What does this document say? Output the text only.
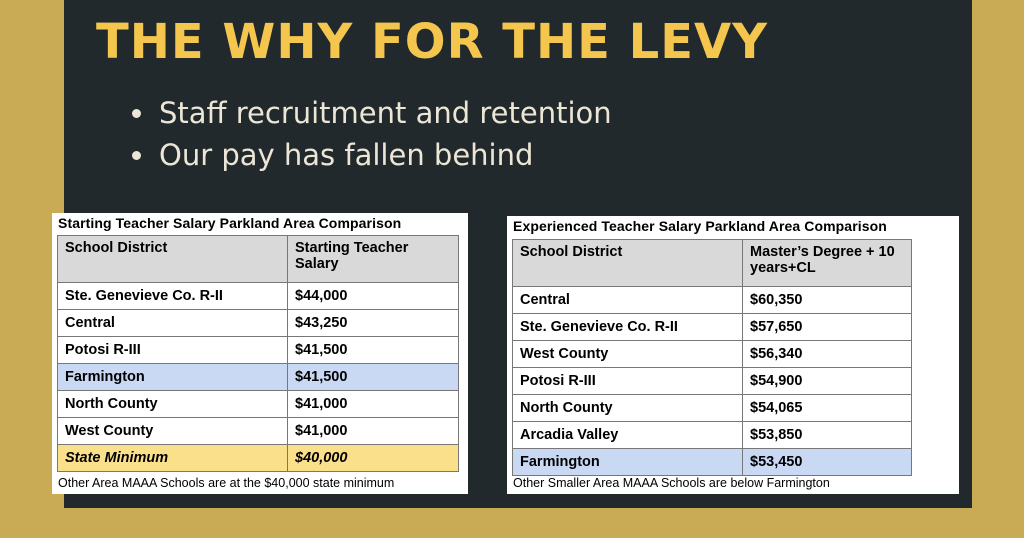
THE WHY FOR THE LEVY
Staff recruitment and retention
Our pay has fallen behind
Starting Teacher Salary Parkland Area Comparison
School District	Starting Teacher Salary
Ste. Genevieve Co. R-II	$44,000
Central	$43,250
Potosi R-III	$41,500
Farmington	$41,500
North County	$41,000
West County	$41,000
State Minimum	$40,000
Other Area MAAA Schools are at the $40,000 state minimum
Experienced Teacher Salary Parkland Area Comparison
School District	Master’s Degree + 10 years+CL
Central	$60,350
Ste. Genevieve Co. R-II	$57,650
West County	$56,340
Potosi R-III	$54,900
North County	$54,065
Arcadia Valley	$53,850
Farmington	$53,450
Other Smaller Area MAAA Schools are below Farmington
